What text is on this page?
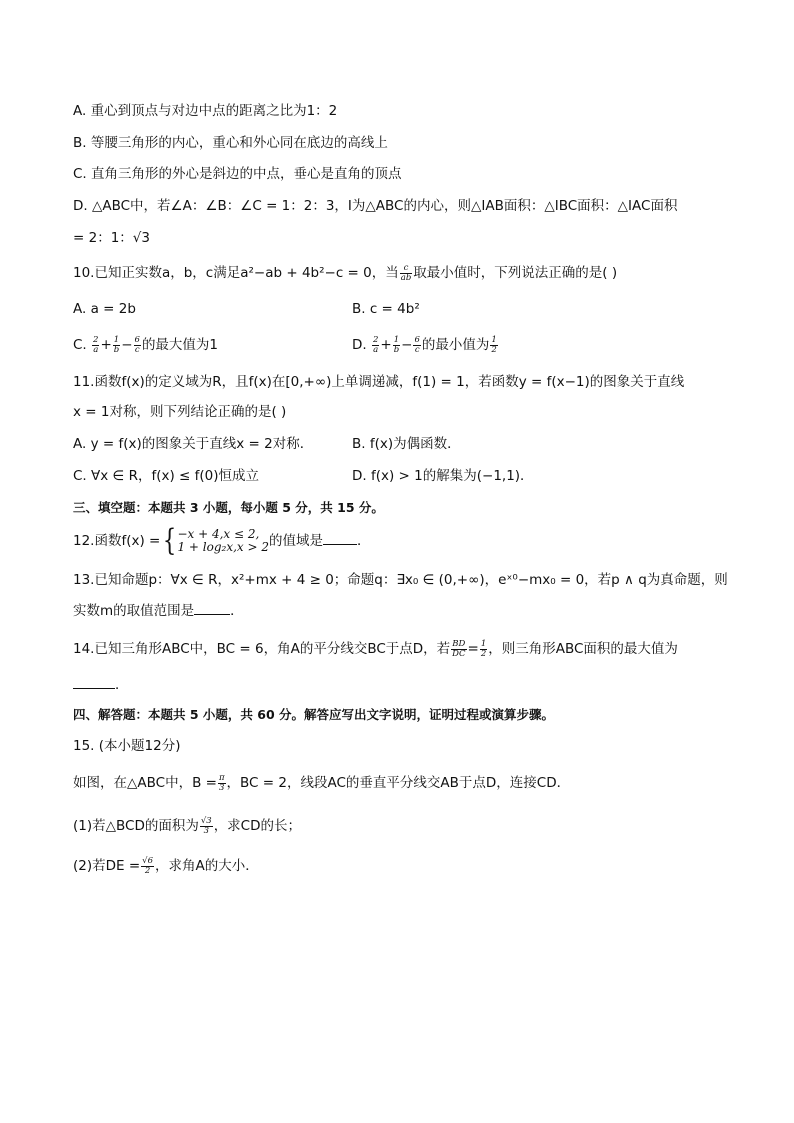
A. 重心到顶点与对边中点的距离之比为1：2
B. 等腰三角形的内心，重心和外心同在底边的高线上
C. 直角三角形的外心是斜边的中点，垂心是直角的顶点
D. △ABC中，若∠A：∠B：∠C = 1：2：3，I为△ABC的内心，则△IAB面积：△IBC面积：△IAC面积
= 2：1：√3
10.已知正实数a，b，c满足a²−ab + 4b²−c = 0，当 $\frac{c}{ab}$ 取最小值时，下列说法正确的是( )
A. a = 2b	B. c = 4b²
C. $\frac{2}{a} + \frac{1}{b} - \frac{6}{c}$ 的最大值为1	D. $\frac{2}{a} + \frac{1}{b} - \frac{6}{c}$ 的最小值为 $\frac{1}{2}$
11.函数f(x)的定义域为R，且f(x)在[0,+∞)上单调递减，f(1) = 1，若函数y = f(x−1)的图象关于直线
x = 1对称，则下列结论正确的是( )
A. y = f(x)的图象关于直线x = 2对称．	B. f(x)为偶函数．
C. ∀x ∈ R，f(x) ≤ f(0)恒成立	D. f(x) > 1的解集为(−1,1)．
三、填空题：本题共 3 小题，每小题 5 分，共 15 分。
12.函数f(x) ={ −x + 4,x ≤ 2,
1 + log₂x,x > 2 的值域是	．
13.已知命题p：∀x ∈ R，x²+mx + 4 ≥ 0；命题q：∃x₀ ∈ (0,+∞)，eˣ⁰−mx₀ = 0，若p ∧ q为真命题，则
实数m的取值范围是	．
14.已知三角形ABC中，BC = 6，角A的平分线交BC于点D，若 $\frac{BD}{DC} = \frac{1}{2}$ ，则三角形ABC面积的最大值为
．
四、解答题：本题共 5 小题，共 60 分。解答应写出文字说明，证明过程或演算步骤。
15. (本小题12分)
如图，在△ABC中，$B = \frac{\pi}{3}$ ，BC = 2，线段AC的垂直平分线交AB于点D，连接CD．
(1)若△BCD的面积为 $\frac{√3}{3}$ ，求CD的长；
(2)若DE = $\frac{√6}{2}$ ，求角A的大小．
